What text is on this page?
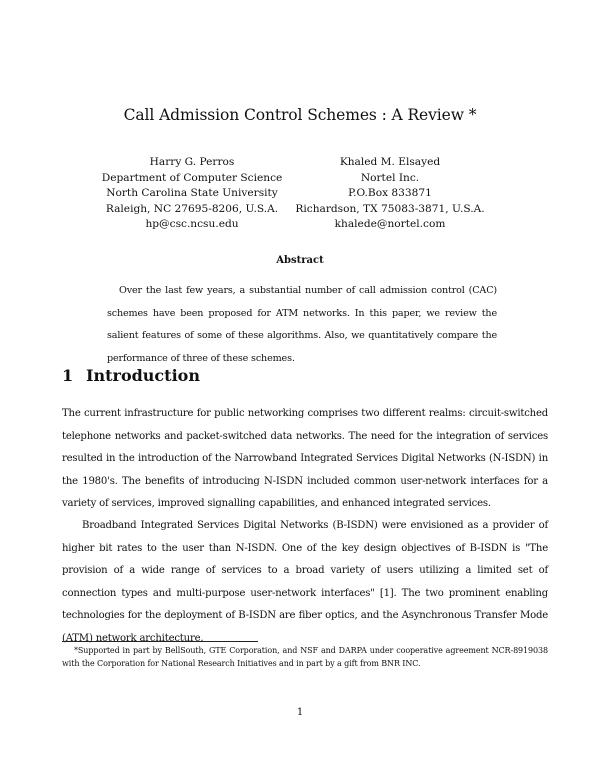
Call Admission Control Schemes : A Review *
Harry G. Perros
Department of Computer Science
North Carolina State University
Raleigh, NC 27695-8206, U.S.A.
hp@csc.ncsu.edu
Khaled M. Elsayed
Nortel Inc.
P.O.Box 833871
Richardson, TX 75083-3871, U.S.A.
khalede@nortel.com
Abstract
Over the last few years, a substantial number of call admission control (CAC) schemes have been proposed for ATM networks. In this paper, we review the salient features of some of these algorithms. Also, we quantitatively compare the performance of three of these schemes.
1 Introduction
The current infrastructure for public networking comprises two different realms: circuit-switched telephone networks and packet-switched data networks. The need for the integration of services resulted in the introduction of the Narrowband Integrated Services Digital Networks (N-ISDN) in the 1980's. The benefits of introducing N-ISDN included common user-network interfaces for a variety of services, improved signalling capabilities, and enhanced integrated services.
Broadband Integrated Services Digital Networks (B-ISDN) were envisioned as a provider of higher bit rates to the user than N-ISDN. One of the key design objectives of B-ISDN is "The provision of a wide range of services to a broad variety of users utilizing a limited set of connection types and multi-purpose user-network interfaces" [1]. The two prominent enabling technologies for the deployment of B-ISDN are fiber optics, and the Asynchronous Transfer Mode (ATM) network architecture.
*Supported in part by BellSouth, GTE Corporation, and NSF and DARPA under cooperative agreement NCR-8919038 with the Corporation for National Research Initiatives and in part by a gift from BNR INC.
1
